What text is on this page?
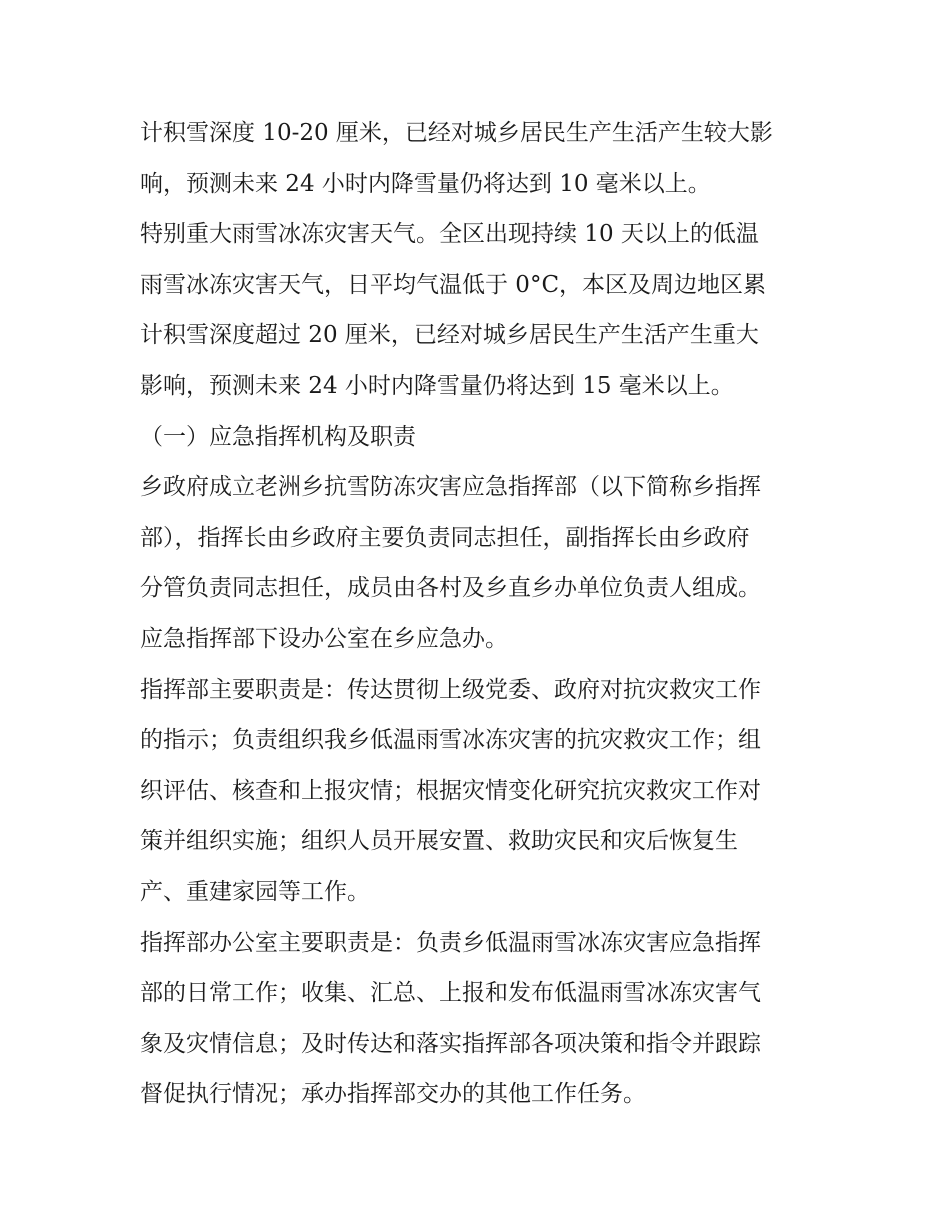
计积雪深度 10-20 厘米，已经对城乡居民生产生活产生较大影
响，预测未来 24 小时内降雪量仍将达到 10 毫米以上。
特别重大雨雪冰冻灾害天气。全区出现持续 10 天以上的低温
雨雪冰冻灾害天气，日平均气温低于 0°C，本区及周边地区累
计积雪深度超过 20 厘米，已经对城乡居民生产生活产生重大
影响，预测未来 24 小时内降雪量仍将达到 15 毫米以上。
（一）应急指挥机构及职责
乡政府成立老洲乡抗雪防冻灾害应急指挥部（以下简称乡指挥
部），指挥长由乡政府主要负责同志担任，副指挥长由乡政府
分管负责同志担任，成员由各村及乡直乡办单位负责人组成。
应急指挥部下设办公室在乡应急办。
指挥部主要职责是：传达贯彻上级党委、政府对抗灾救灾工作
的指示；负责组织我乡低温雨雪冰冻灾害的抗灾救灾工作；组
织评估、核查和上报灾情；根据灾情变化研究抗灾救灾工作对
策并组织实施；组织人员开展安置、救助灾民和灾后恢复生
产、重建家园等工作。
指挥部办公室主要职责是：负责乡低温雨雪冰冻灾害应急指挥
部的日常工作；收集、汇总、上报和发布低温雨雪冰冻灾害气
象及灾情信息；及时传达和落实指挥部各项决策和指令并跟踪
督促执行情况；承办指挥部交办的其他工作任务。
